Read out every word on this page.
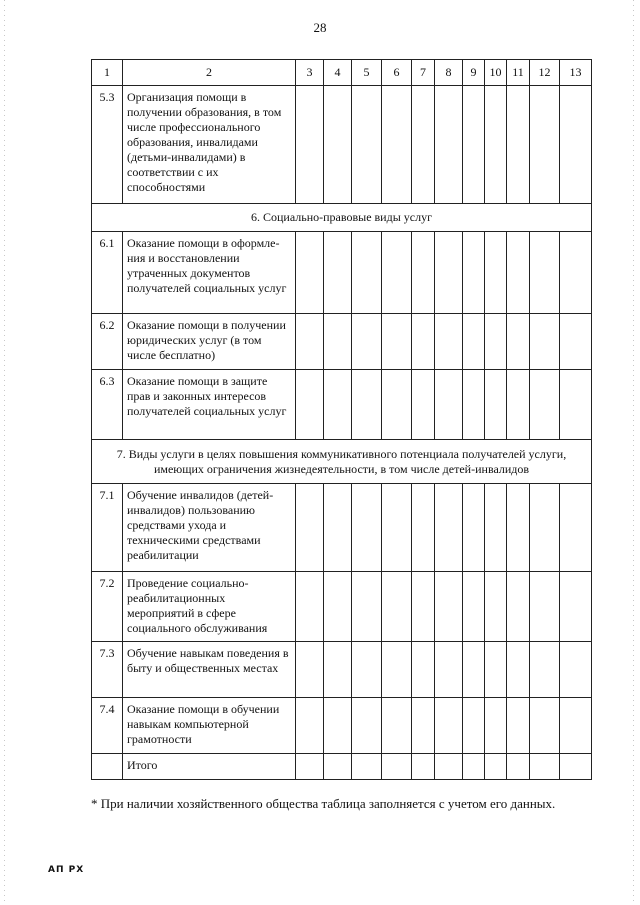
28
1	2	3	4	5	6	7	8	9	10	11	12	13
5.3	Организация помощи в получении образования, в том числе профессионального образования, инвалидами (детьми-инвалидами) в соответствии с их способностями											
6. Социально-правовые виды услуг												
6.1	Оказание помощи в оформле-ния и восстановлении утраченных документов получателей социальных услуг											
6.2	Оказание помощи в получении юридических услуг (в том числе бесплатно)											
6.3	Оказание помощи в защите прав и законных интересов получателей социальных услуг											
7. Виды услуги в целях повышения коммуникативного потенциала получателей услуги, имеющих ограничения жизнедеятельности, в том числе детей-инвалидов												
7.1	Обучение инвалидов (детей-инвалидов) пользованию средствами ухода и техническими средствами реабилитации											
7.2	Проведение социально-реабилитационных мероприятий в сфере социального обслуживания											
7.3	Обучение навыкам поведения в быту и общественных местах											
7.4	Оказание помощи в обучении навыкам компьютерной грамотности											
	Итого											
* При наличии хозяйственного общества таблица заполняется с учетом его данных.
АП РХ
